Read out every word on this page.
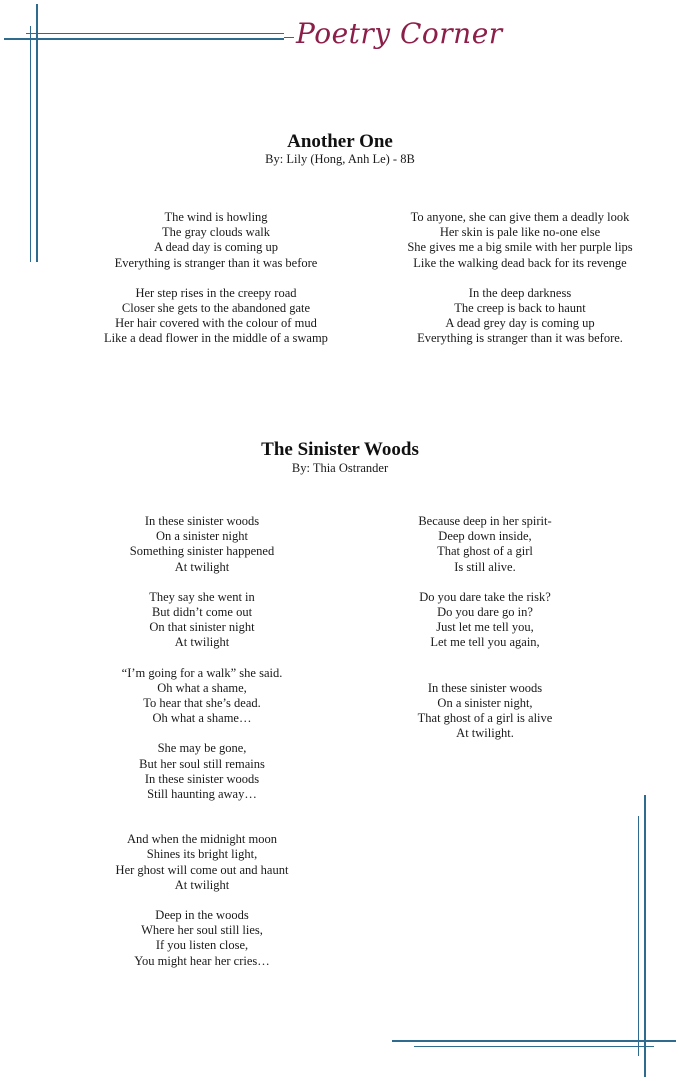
Poetry Corner
Another One
By: Lily (Hong, Anh Le) - 8B
The wind is howling
The gray clouds walk
A dead day is coming up
Everything is stranger than it was before
Her step rises in the creepy road
Closer she gets to the abandoned gate
Her hair covered with the colour of mud
Like a dead flower in the middle of a swamp
To anyone, she can give them a deadly look
Her skin is pale like no-one else
She gives me a big smile with her purple lips
Like the walking dead back for its revenge
In the deep darkness
The creep is back to haunt
A dead grey day is coming up
Everything is stranger than it was before.
The Sinister Woods
By: Thia Ostrander
In these sinister woods
On a sinister night
Something sinister happened
At twilight
They say she went in
But didn’t come out
On that sinister night
At twilight
“I’m going for a walk” she said.
Oh what a shame,
To hear that she’s dead.
Oh what a shame…
She may be gone,
But her soul still remains
In these sinister woods
Still haunting away…
And when the midnight moon
Shines its bright light,
Her ghost will come out and haunt
At twilight
Deep in the woods
Where her soul still lies,
If you listen close,
You might hear her cries…
Because deep in her spirit-
Deep down inside,
That ghost of a girl
Is still alive.
Do you dare take the risk?
Do you dare go in?
Just let me tell you,
Let me tell you again,
In these sinister woods
On a sinister night,
That ghost of a girl is alive
At twilight.
